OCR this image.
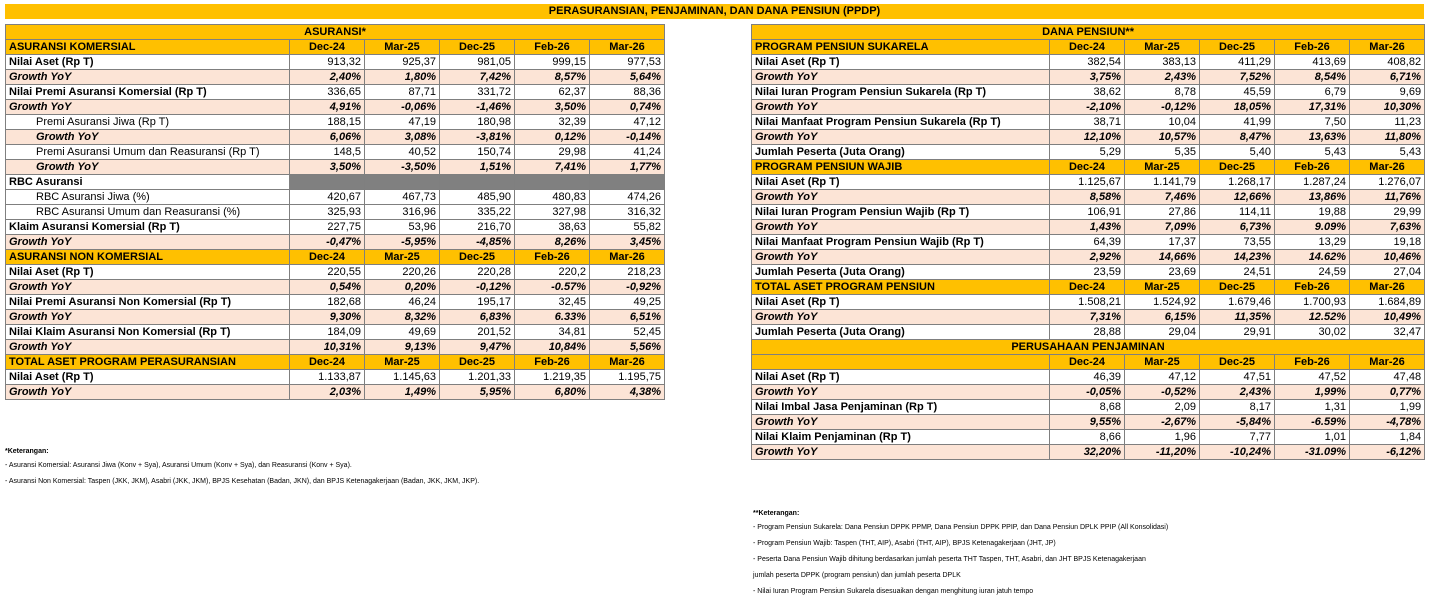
PERASURANSIAN, PENJAMINAN, DAN DANA PENSIUN (PPDP)
ASURANSI*					
ASURANSI KOMERSIAL	Dec-24	Mar-25	Dec-25	Feb-26	Mar-26
Nilai Aset (Rp T)	913,32	925,37	981,05	999,15	977,53
Growth YoY	2,40%	1,80%	7,42%	8,57%	5,64%
Nilai Premi Asuransi Komersial (Rp T)	336,65	87,71	331,72	62,37	88,36
Growth YoY	4,91%	-0,06%	-1,46%	3,50%	0,74%
Premi Asuransi Jiwa (Rp T)	188,15	47,19	180,98	32,39	47,12
Growth YoY	6,06%	3,08%	-3,81%	0,12%	-0,14%
Premi Asuransi Umum dan Reasuransi (Rp T)	148,5	40,52	150,74	29,98	41,24
Growth YoY	3,50%	-3,50%	1,51%	7,41%	1,77%
RBC Asuransi					
RBC Asuransi Jiwa (%)	420,67	467,73	485,90	480,83	474,26
RBC Asuransi Umum dan Reasuransi (%)	325,93	316,96	335,22	327,98	316,32
Klaim Asuransi Komersial (Rp T)	227,75	53,96	216,70	38,63	55,82
Growth YoY	-0,47%	-5,95%	-4,85%	8,26%	3,45%
ASURANSI NON KOMERSIAL	Dec-24	Mar-25	Dec-25	Feb-26	Mar-26
Nilai Aset (Rp T)	220,55	220,26	220,28	220,2	218,23
Growth YoY	0,54%	0,20%	-0,12%	-0.57%	-0,92%
Nilai Premi Asuransi Non Komersial (Rp T)	182,68	46,24	195,17	32,45	49,25
Growth YoY	9,30%	8,32%	6,83%	6.33%	6,51%
Nilai Klaim Asuransi Non Komersial (Rp T)	184,09	49,69	201,52	34,81	52,45
Growth YoY	10,31%	9,13%	9,47%	10,84%	5,56%
TOTAL ASET PROGRAM PERASURANSIAN	Dec-24	Mar-25	Dec-25	Feb-26	Mar-26
Nilai Aset (Rp T)	1.133,87	1.145,63	1.201,33	1.219,35	1.195,75
Growth YoY	2,03%	1,49%	5,95%	6,80%	4,38%
DANA PENSIUN**					
PROGRAM PENSIUN SUKARELA	Dec-24	Mar-25	Dec-25	Feb-26	Mar-26
Nilai Aset (Rp T)	382,54	383,13	411,29	413,69	408,82
Growth YoY	3,75%	2,43%	7,52%	8,54%	6,71%
Nilai Iuran Program Pensiun Sukarela (Rp T)	38,62	8,78	45,59	6,79	9,69
Growth YoY	-2,10%	-0,12%	18,05%	17,31%	10,30%
Nilai Manfaat Program Pensiun Sukarela (Rp T)	38,71	10,04	41,99	7,50	11,23
Growth YoY	12,10%	10,57%	8,47%	13,63%	11,80%
Jumlah Peserta (Juta Orang)	5,29	5,35	5,40	5,43	5,43
PROGRAM PENSIUN WAJIB	Dec-24	Mar-25	Dec-25	Feb-26	Mar-26
Nilai Aset (Rp T)	1.125,67	1.141,79	1.268,17	1.287,24	1.276,07
Growth YoY	8,58%	7,46%	12,66%	13,86%	11,76%
Nilai Iuran Program Pensiun Wajib (Rp T)	106,91	27,86	114,11	19,88	29,99
Growth YoY	1,43%	7,09%	6,73%	9.09%	7,63%
Nilai Manfaat Program Pensiun Wajib (Rp T)	64,39	17,37	73,55	13,29	19,18
Growth YoY	2,92%	14,66%	14,23%	14.62%	10,46%
Jumlah Peserta (Juta Orang)	23,59	23,69	24,51	24,59	27,04
TOTAL ASET PROGRAM PENSIUN	Dec-24	Mar-25	Dec-25	Feb-26	Mar-26
Nilai Aset (Rp T)	1.508,21	1.524,92	1.679,46	1.700,93	1.684,89
Growth YoY	7,31%	6,15%	11,35%	12.52%	10,49%
Jumlah Peserta (Juta Orang)	28,88	29,04	29,91	30,02	32,47
PERUSAHAAN PENJAMINAN					
	Dec-24	Mar-25	Dec-25	Feb-26	Mar-26
Nilai Aset (Rp T)	46,39	47,12	47,51	47,52	47,48
Growth YoY	-0,05%	-0,52%	2,43%	1,99%	0,77%
Nilai Imbal Jasa Penjaminan (Rp T)	8,68	2,09	8,17	1,31	1,99
Growth YoY	9,55%	-2,67%	-5,84%	-6.59%	-4,78%
Nilai Klaim Penjaminan (Rp T)	8,66	1,96	7,77	1,01	1,84
Growth YoY	32,20%	-11,20%	-10,24%	-31.09%	-6,12%
*Keterangan:
- Asuransi Komersial: Asuransi Jiwa (Konv + Sya), Asuransi Umum (Konv + Sya), dan Reasuransi (Konv + Sya).
- Asuransi Non Komersial: Taspen (JKK, JKM), Asabri (JKK, JKM), BPJS Kesehatan (Badan, JKN), dan BPJS Ketenagakerjaan (Badan, JKK, JKM, JKP).
**Keterangan:
- Program Pensiun Sukarela: Dana Pensiun DPPK PPMP, Dana Pensiun DPPK PPIP, dan Dana Pensiun DPLK PPIP (All Konsolidasi)
- Program Pensiun Wajib: Taspen (THT, AIP), Asabri (THT, AIP), BPJS Ketenagakerjaan (JHT, JP)
- Peserta Dana Pensiun Wajib dihitung berdasarkan jumlah peserta THT Taspen, THT, Asabri, dan JHT BPJS Ketenagakerjaan
jumlah peserta DPPK (program pensiun) dan jumlah peserta DPLK
- Nilai Iuran Program Pensiun Sukarela disesuaikan dengan menghitung iuran jatuh tempo
